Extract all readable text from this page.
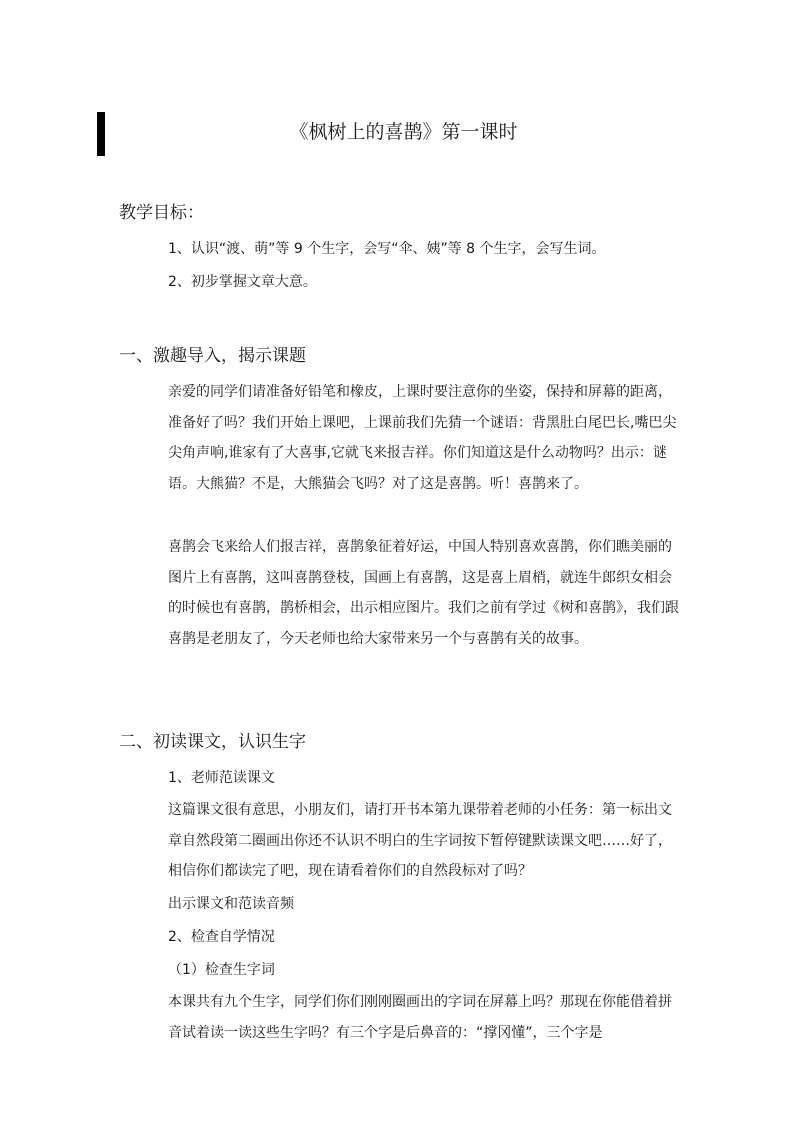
《枫树上的喜鹊》第一课时
教学目标：
1、认识“渡、萌”等 9 个生字，会写“伞、姨”等 8 个生字，会写生词。
2、初步掌握文章大意。
一、激趣导入，揭示课题
亲爱的同学们请准备好铅笔和橡皮，上课时要注意你的坐姿，保持和屏幕的距离，准备好了吗？我们开始上课吧，上课前我们先猜一个谜语：背黑肚白尾巴长,嘴巴尖尖角声响,谁家有了大喜事,它就飞来报吉祥。你们知道这是什么动物吗？出示：谜语。大熊猫？不是，大熊猫会飞吗？对了这是喜鹊。听！喜鹊来了。
喜鹊会飞来给人们报吉祥，喜鹊象征着好运，中国人特别喜欢喜鹊，你们瞧美丽的图片上有喜鹊，这叫喜鹊登枝，国画上有喜鹊，这是喜上眉梢，就连牛郎织女相会的时候也有喜鹊，鹊桥相会，出示相应图片。我们之前有学过《树和喜鹊》，我们跟喜鹊是老朋友了，今天老师也给大家带来另一个与喜鹊有关的故事。
二、初读课文，认识生字
1、老师范读课文
这篇课文很有意思，小朋友们，请打开书本第九课带着老师的小任务：第一标出文章自然段第二圈画出你还不认识不明白的生字词按下暂停键默读课文吧……好了，相信你们都读完了吧，现在请看着你们的自然段标对了吗？
出示课文和范读音频
2、检查自学情况
（1）检查生字词
本课共有九个生字，同学们你们刚刚圈画出的字词在屏幕上吗？那现在你能借着拼音试着读一读这些生字吗？有三个字是后鼻音的：“撑冈懂”，三个字是
